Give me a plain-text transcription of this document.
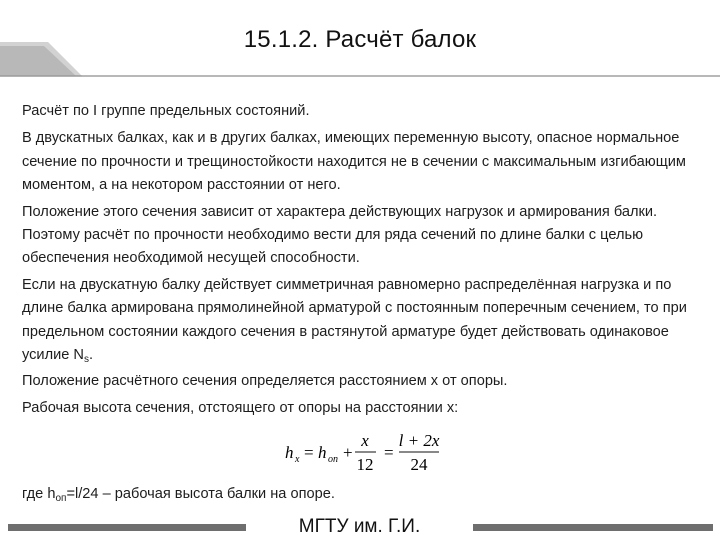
15.1.2. Расчёт балок

Расчёт по I группе предельных состояний.

В двускатных балках, как и в других балках, имеющих переменную высоту, опасное нормальное сечение по прочности и трещиностойкости находится не в сечении с максимальным изгибающим моментом, а на некотором расстоянии от него.

Положение этого сечения зависит от характера действующих нагрузок и армирования балки. Поэтому расчёт по прочности необходимо вести для ряда сечений по длине балки с целью обеспечения необходимой несущей способности.

Если на двускатную балку действует симметричная равномерно распределённая нагрузка и по длине балка армирована прямолинейной арматурой с постоянным поперечным сечением, то при предельном состоянии каждого сечения в растянутой арматуре будет действовать одинаковое усилие $N_s$.

Положение расчётного сечения определяется расстоянием x от опоры.

Рабочая высота сечения, отстоящего от опоры на расстоянии x:

h x = h оп +
x
12
=
l + 2x
24
где $h_{оп}=l/24$ – рабочая высота балки на опоре.
МГТУ им. Г.И.
